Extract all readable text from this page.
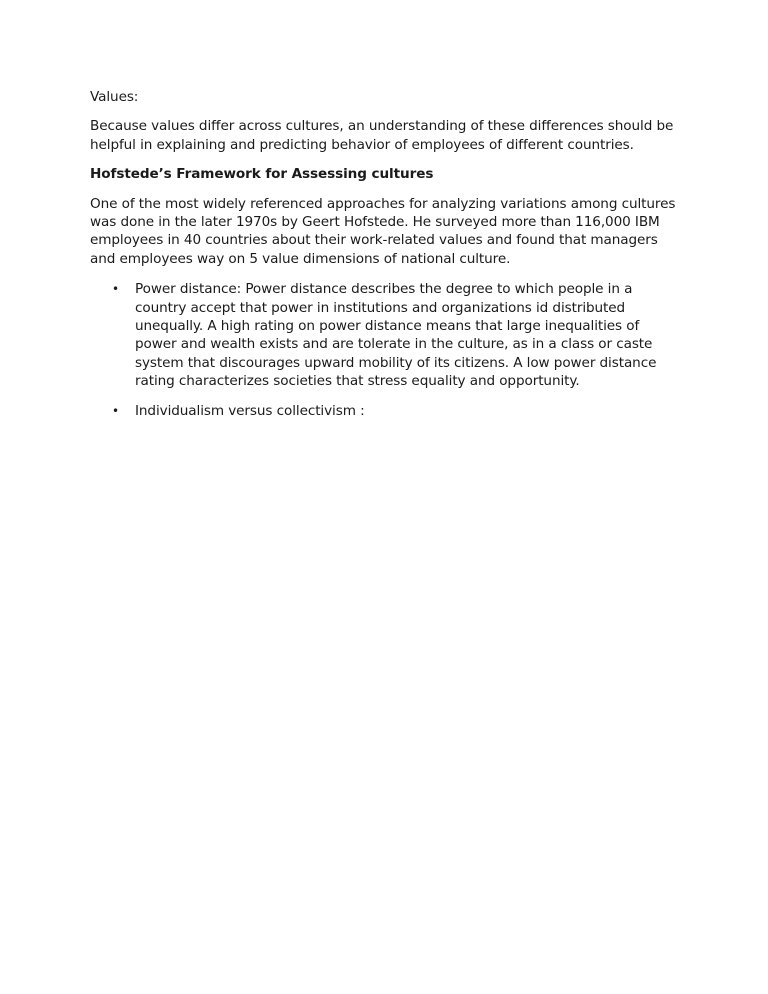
Values:

Because values differ across cultures, an understanding of these differences should be helpful in explaining and predicting behavior of employees of different countries.

Hofstede’s Framework for Assessing cultures

One of the most widely referenced approaches for analyzing variations among cultures was done in the later 1970s by Geert Hofstede. He surveyed more than 116,000 IBM employees in 40 countries about their work-related values and found that managers and employees way on 5 value dimensions of national culture.

• Power distance: Power distance describes the degree to which people in a country accept that power in institutions and organizations id distributed unequally. A high rating on power distance means that large inequalities of power and wealth exists and are tolerate in the culture, as in a class or caste system that discourages upward mobility of its citizens. A low power distance rating characterizes societies that stress equality and opportunity.
• Individualism versus collectivism :
